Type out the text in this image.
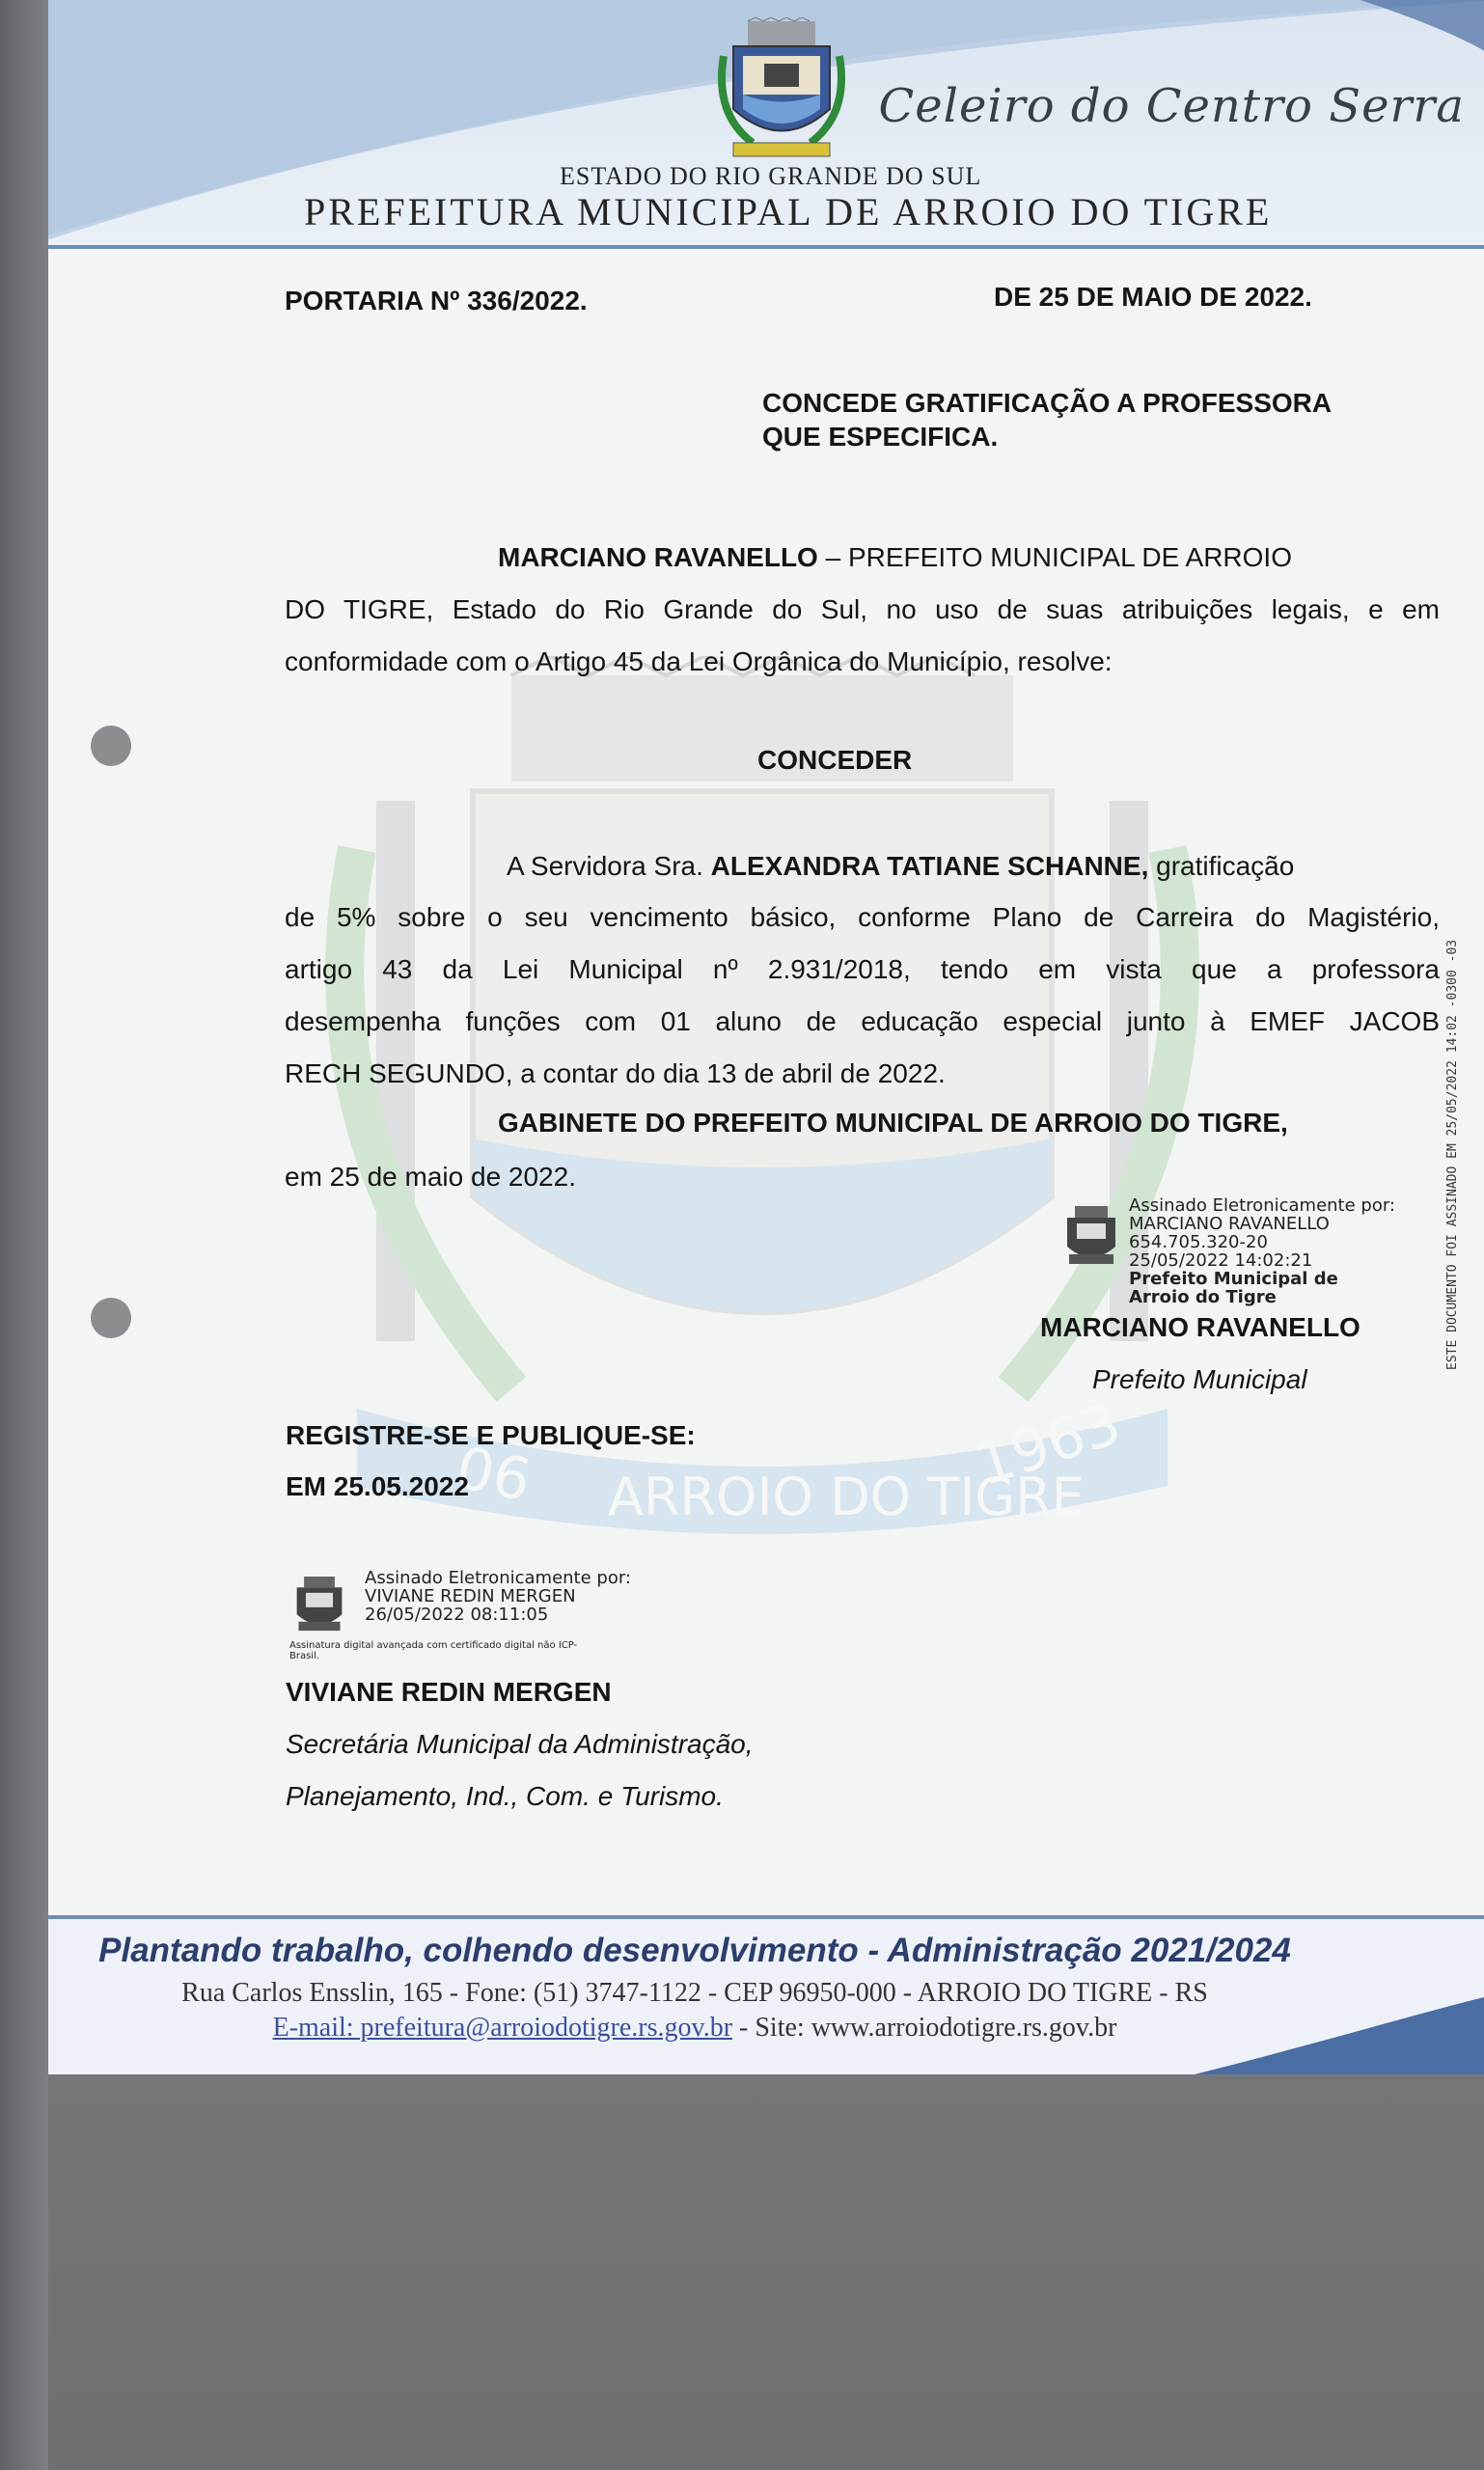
Celeiro do Centro Serra
ESTADO DO RIO GRANDE DO SUL
PREFEITURA MUNICIPAL DE ARROIO DO TIGRE
06 ARROIO DO TIGRE
1963
PORTARIA Nº 336/2022.	DE 25 DE MAIO DE 2022.
CONCEDE GRATIFICAÇÃO A PROFESSORA
QUE ESPECIFICA.
MARCIANO RAVANELLO – PREFEITO MUNICIPAL DE ARROIO
DO TIGRE, Estado do Rio Grande do Sul, no uso de suas atribuições legais, e em
conformidade com o Artigo 45 da Lei Orgânica do Município, resolve:
CONCEDER
A Servidora Sra. ALEXANDRA TATIANE SCHANNE, gratificação
de 5% sobre o seu vencimento básico, conforme Plano de Carreira do Magistério,
artigo 43 da Lei Municipal nº 2.931/2018, tendo em vista que a professora
desempenha funções com 01 aluno de educação especial junto à EMEF JACOB
RECH SEGUNDO, a contar do dia 13 de abril de 2022.
GABINETE DO PREFEITO MUNICIPAL DE ARROIO DO TIGRE,
em 25 de maio de 2022.
Assinado Eletronicamente por:
MARCIANO RAVANELLO
654.705.320-20
25/05/2022 14:02:21
Prefeito Municipal de
Arroio do Tigre
MARCIANO RAVANELLO
Prefeito Municipal
REGISTRE-SE E PUBLIQUE-SE:
EM 25.05.2022
Assinado Eletronicamente por:
VIVIANE REDIN MERGEN
26/05/2022 08:11:05
Assinatura digital avançada com certificado digital não ICP-
Brasil.
VIVIANE REDIN MERGEN
Secretária Municipal da Administração,
Planejamento, Ind., Com. e Turismo.
ESTE DOCUMENTO FOI ASSINADO EM 25/05/2022 14:02 -0300 -03
Plantando trabalho, colhendo desenvolvimento - Administração 2021/2024
Rua Carlos Ensslin, 165 - Fone: (51) 3747-1122 - CEP 96950-000 - ARROIO DO TIGRE - RS
E-mail: prefeitura@arroiodotigre.rs.gov.br - Site: www.arroiodotigre.rs.gov.br
